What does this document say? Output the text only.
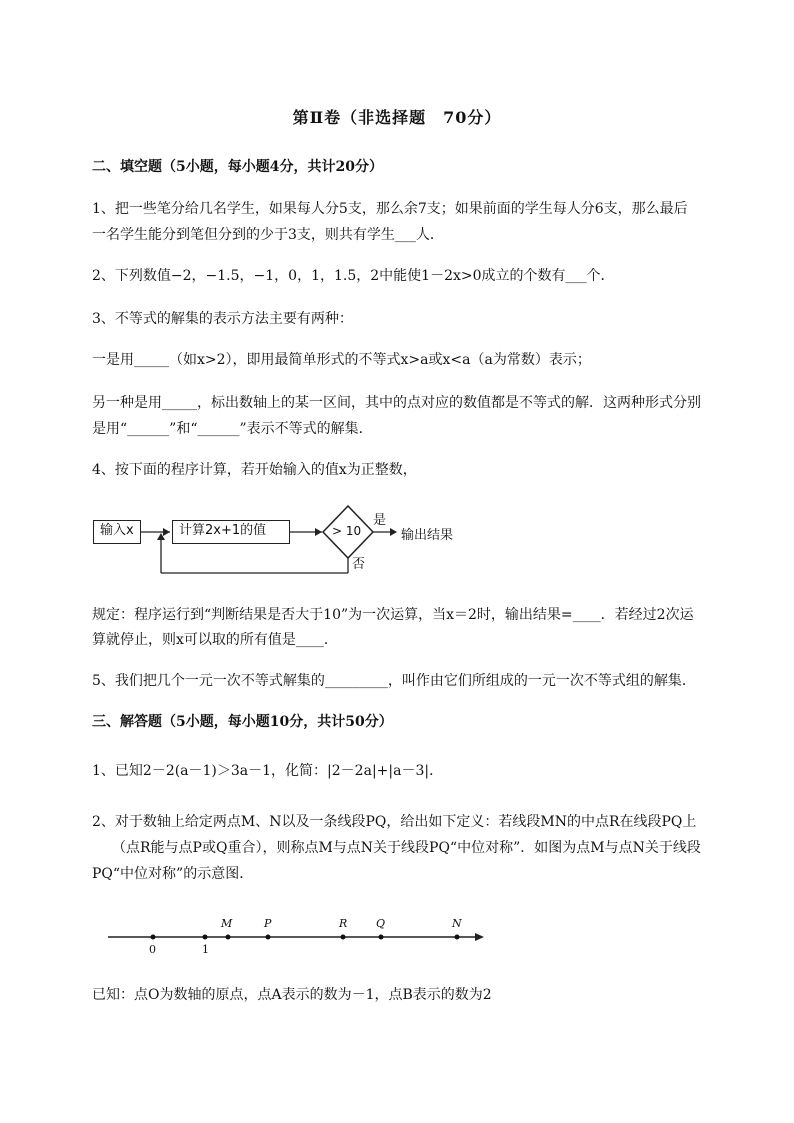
第Ⅱ卷（非选择题　70分）
二、填空题（5小题，每小题4分，共计20分）
1、把一些笔分给几名学生，如果每人分5支，那么余7支；如果前面的学生每人分6支，那么最后
一名学生能分到笔但分到的少于3支，则共有学生___人．
2、下列数值−2，−1.5，−1，0，1，1.5，2中能使1－2x>0成立的个数有___个．
3、不等式的解集的表示方法主要有两种：
一是用_____（如x>2），即用最简单形式的不等式x>a或x<a（a为常数）表示；
另一种是用_____，标出数轴上的某一区间，其中的点对应的数值都是不等式的解．这两种形式分别
是用“______”和“______”表示不等式的解集．
4、按下面的程序计算，若开始输入的值x为正整数，
输入x	计算2x+1的值	> 10
是
否
输出结果
规定：程序运行到“判断结果是否大于10”为一次运算，当x＝2时，输出结果=____．若经过2次运
算就停止，则x可以取的所有值是____．
5、我们把几个一元一次不等式解集的_________，叫作由它们所组成的一元一次不等式组的解集．
三、解答题（5小题，每小题10分，共计50分）
1、已知2－2(a－1)＞3a－1，化简：|2－2a|+|a－3|．
2、对于数轴上给定两点M、N以及一条线段PQ，给出如下定义：若线段MN的中点R在线段PQ上
（点R能与点P或Q重合），则称点M与点N关于线段PQ“中位对称”．如图为点M与点N关于线段
PQ“中位对称”的示意图．
0	1
M	P	R	Q	N
已知：点O为数轴的原点，点A表示的数为－1，点B表示的数为2
